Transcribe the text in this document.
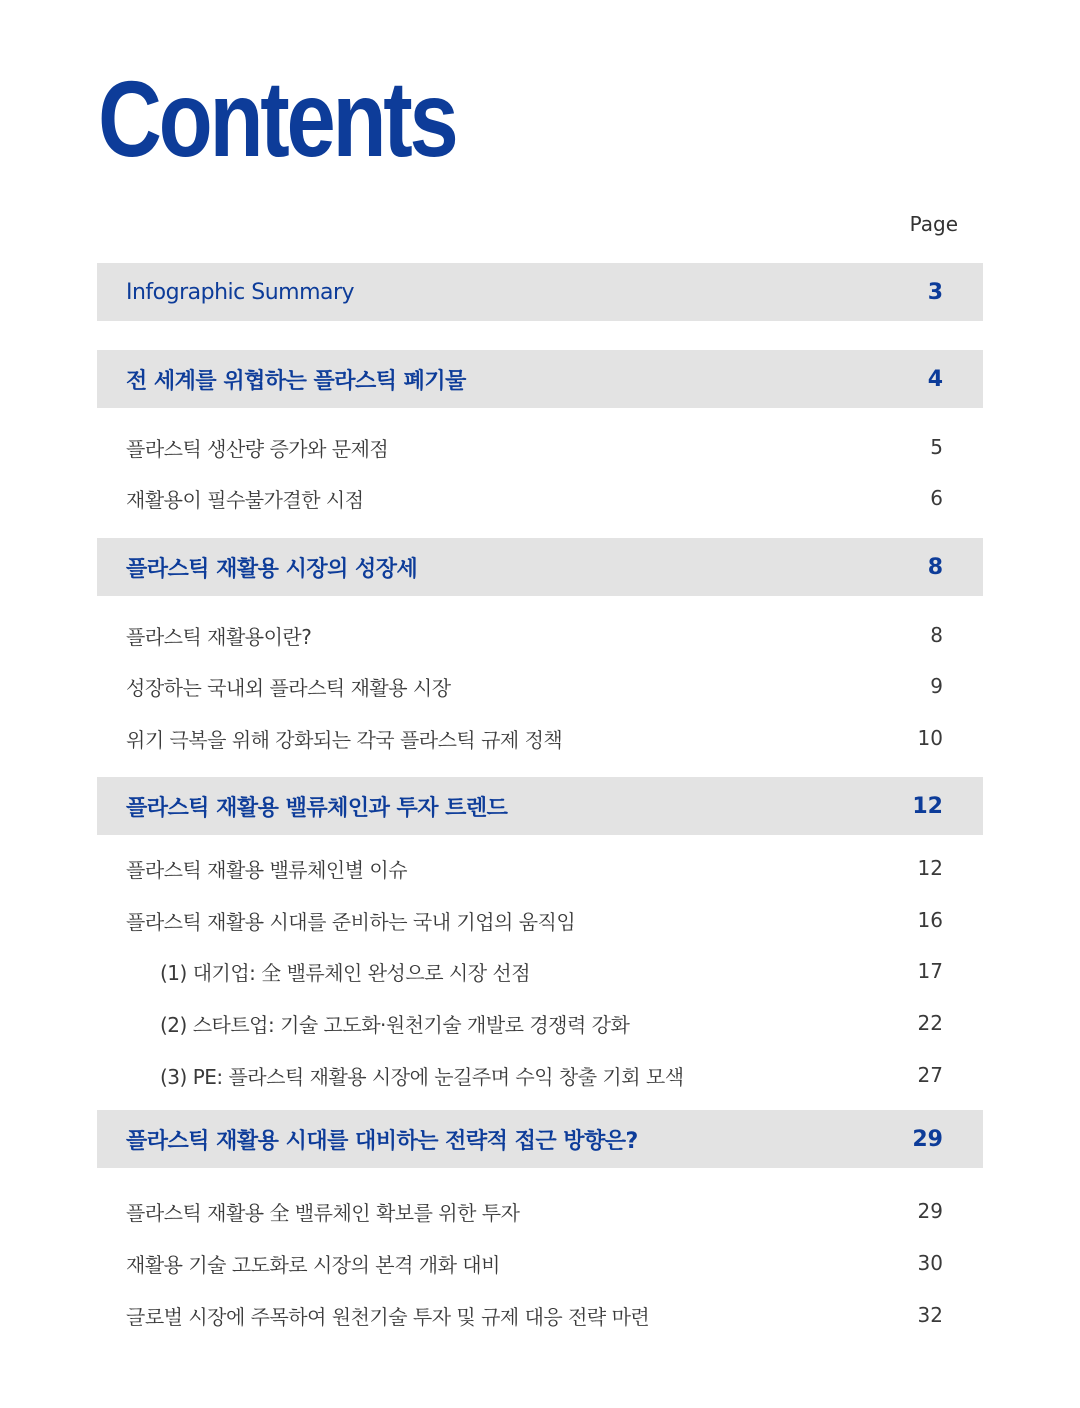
Contents
Page
Infographic Summary	3
전 세계를 위협하는 플라스틱 폐기물	4
플라스틱 생산량 증가와 문제점	5
재활용이 필수불가결한 시점	6
플라스틱 재활용 시장의 성장세	8
플라스틱 재활용이란?	8
성장하는 국내외 플라스틱 재활용 시장	9
위기 극복을 위해 강화되는 각국 플라스틱 규제 정책	10
플라스틱 재활용 밸류체인과 투자 트렌드	12
플라스틱 재활용 밸류체인별 이슈	12
플라스틱 재활용 시대를 준비하는 국내 기업의 움직임	16
(1) 대기업: 全 밸류체인 완성으로 시장 선점	17
(2) 스타트업: 기술 고도화·원천기술 개발로 경쟁력 강화	22
(3) PE: 플라스틱 재활용 시장에 눈길주며 수익 창출 기회 모색	27
플라스틱 재활용 시대를 대비하는 전략적 접근 방향은?	29
플라스틱 재활용 全 밸류체인 확보를 위한 투자	29
재활용 기술 고도화로 시장의 본격 개화 대비	30
글로벌 시장에 주목하여 원천기술 투자 및 규제 대응 전략 마련	32
